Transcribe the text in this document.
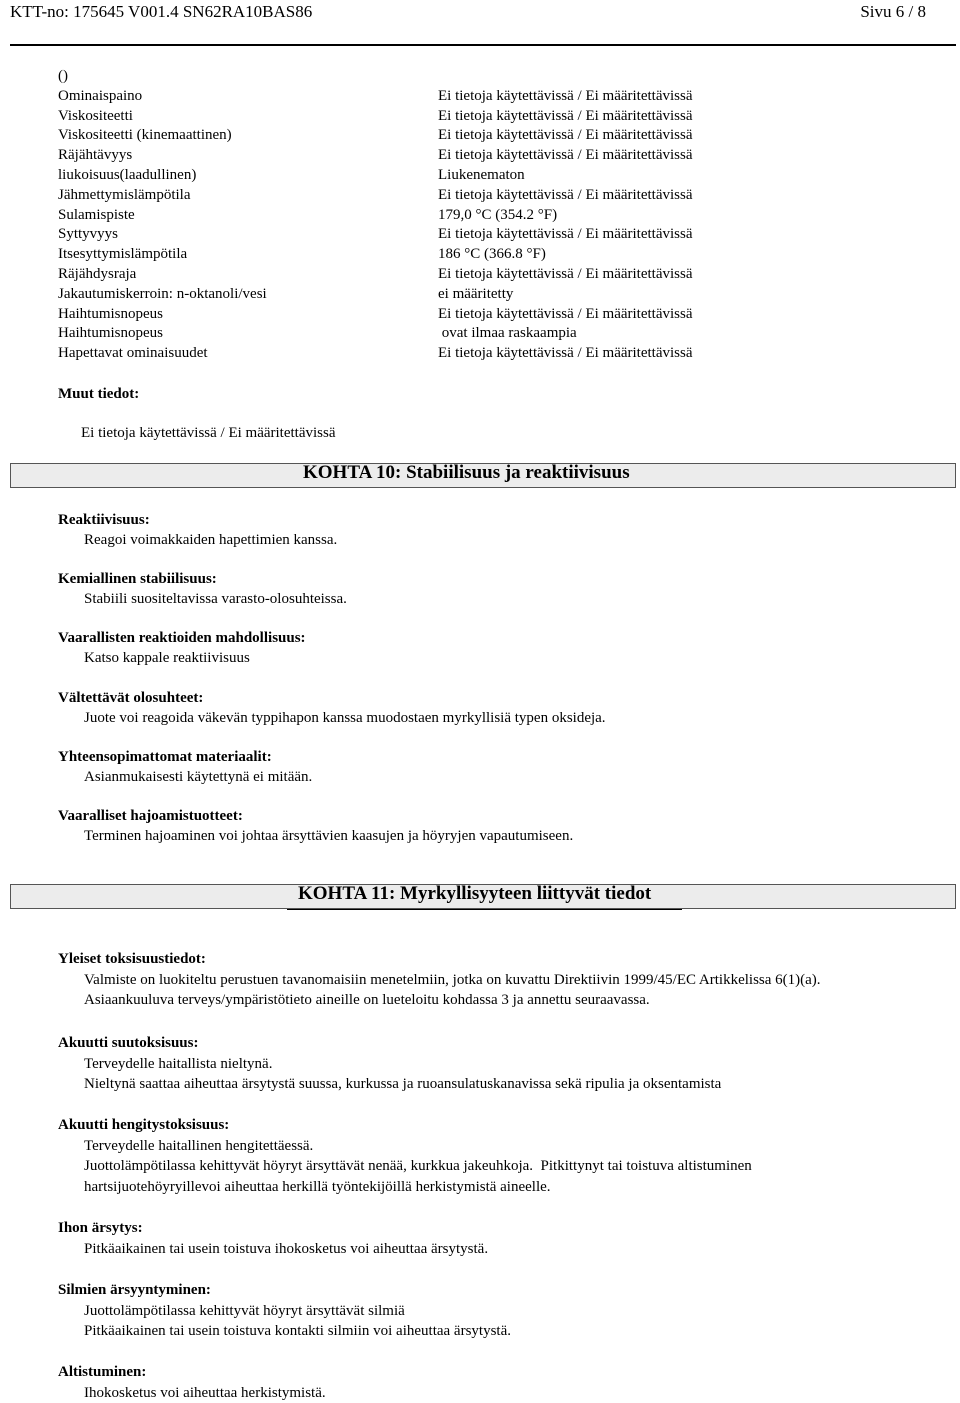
KTT-no: 175645 V001.4 SN62RA10BAS86	Sivu 6 / 8
()
Ominaispaino	Ei tietoja käytettävissä / Ei määritettävissä
Viskositeetti	Ei tietoja käytettävissä / Ei määritettävissä
Viskositeetti (kinemaattinen)	Ei tietoja käytettävissä / Ei määritettävissä
Räjähtävyys	Ei tietoja käytettävissä / Ei määritettävissä
liukoisuus(laadullinen)	Liukenematon
Jähmettymislämpötila	Ei tietoja käytettävissä / Ei määritettävissä
Sulamispiste	179,0 °C (354.2 °F)
Syttyvyys	Ei tietoja käytettävissä / Ei määritettävissä
Itsesyttymislämpötila	186 °C (366.8 °F)
Räjähdysraja	Ei tietoja käytettävissä / Ei määritettävissä
Jakautumiskerroin: n-oktanoli/vesi	ei määritetty
Haihtumisnopeus	Ei tietoja käytettävissä / Ei määritettävissä
Haihtumisnopeus	ovat ilmaa raskaampia
Hapettavat ominaisuudet	Ei tietoja käytettävissä / Ei määritettävissä
Muut tiedot:
Ei tietoja käytettävissä / Ei määritettävissä
KOHTA 10: Stabiilisuus ja reaktiivisuus
Reaktiivisuus:
Reagoi voimakkaiden hapettimien kanssa.
Kemiallinen stabiilisuus:
Stabiili suositeltavissa varasto-olosuhteissa.
Vaarallisten reaktioiden mahdollisuus:
Katso kappale reaktiivisuus
Vältettävät olosuhteet:
Juote voi reagoida väkevän typpihapon kanssa muodostaen myrkyllisiä typen oksideja.
Yhteensopimattomat materiaalit:
Asianmukaisesti käytettynä ei mitään.
Vaaralliset hajoamistuotteet:
Terminen hajoaminen voi johtaa ärsyttävien kaasujen ja höyryjen vapautumiseen.
KOHTA 11: Myrkyllisyyteen liittyvät tiedot
Yleiset toksisuustiedot:
Valmiste on luokiteltu perustuen tavanomaisiin menetelmiin, jotka on kuvattu Direktiivin 1999/45/EC Artikkelissa 6(1)(a).
Asiaankuuluva terveys/ympäristötieto aineille on lueteloitu kohdassa 3 ja annettu seuraavassa.
Akuutti suutoksisuus:
Terveydelle haitallista nieltynä.
Nieltynä saattaa aiheuttaa ärsytystä suussa, kurkussa ja ruoansulatuskanavissa sekä ripulia ja oksentamista
Akuutti hengitystoksisuus:
Terveydelle haitallinen hengitettäessä.
Juottolämpötilassa kehittyvät höyryt ärsyttävät nenää, kurkkua jakeuhkoja.  Pitkittynyt tai toistuva altistuminen
hartsijuotehöyryillevoi aiheuttaa herkillä työntekijöillä herkistymistä aineelle.
Ihon ärsytys:
Pitkäaikainen tai usein toistuva ihokosketus voi aiheuttaa ärsytystä.
Silmien ärsyyntyminen:
Juottolämpötilassa kehittyvät höyryt ärsyttävät silmiä
Pitkäaikainen tai usein toistuva kontakti silmiin voi aiheuttaa ärsytystä.
Altistuminen:
Ihokosketus voi aiheuttaa herkistymistä.
